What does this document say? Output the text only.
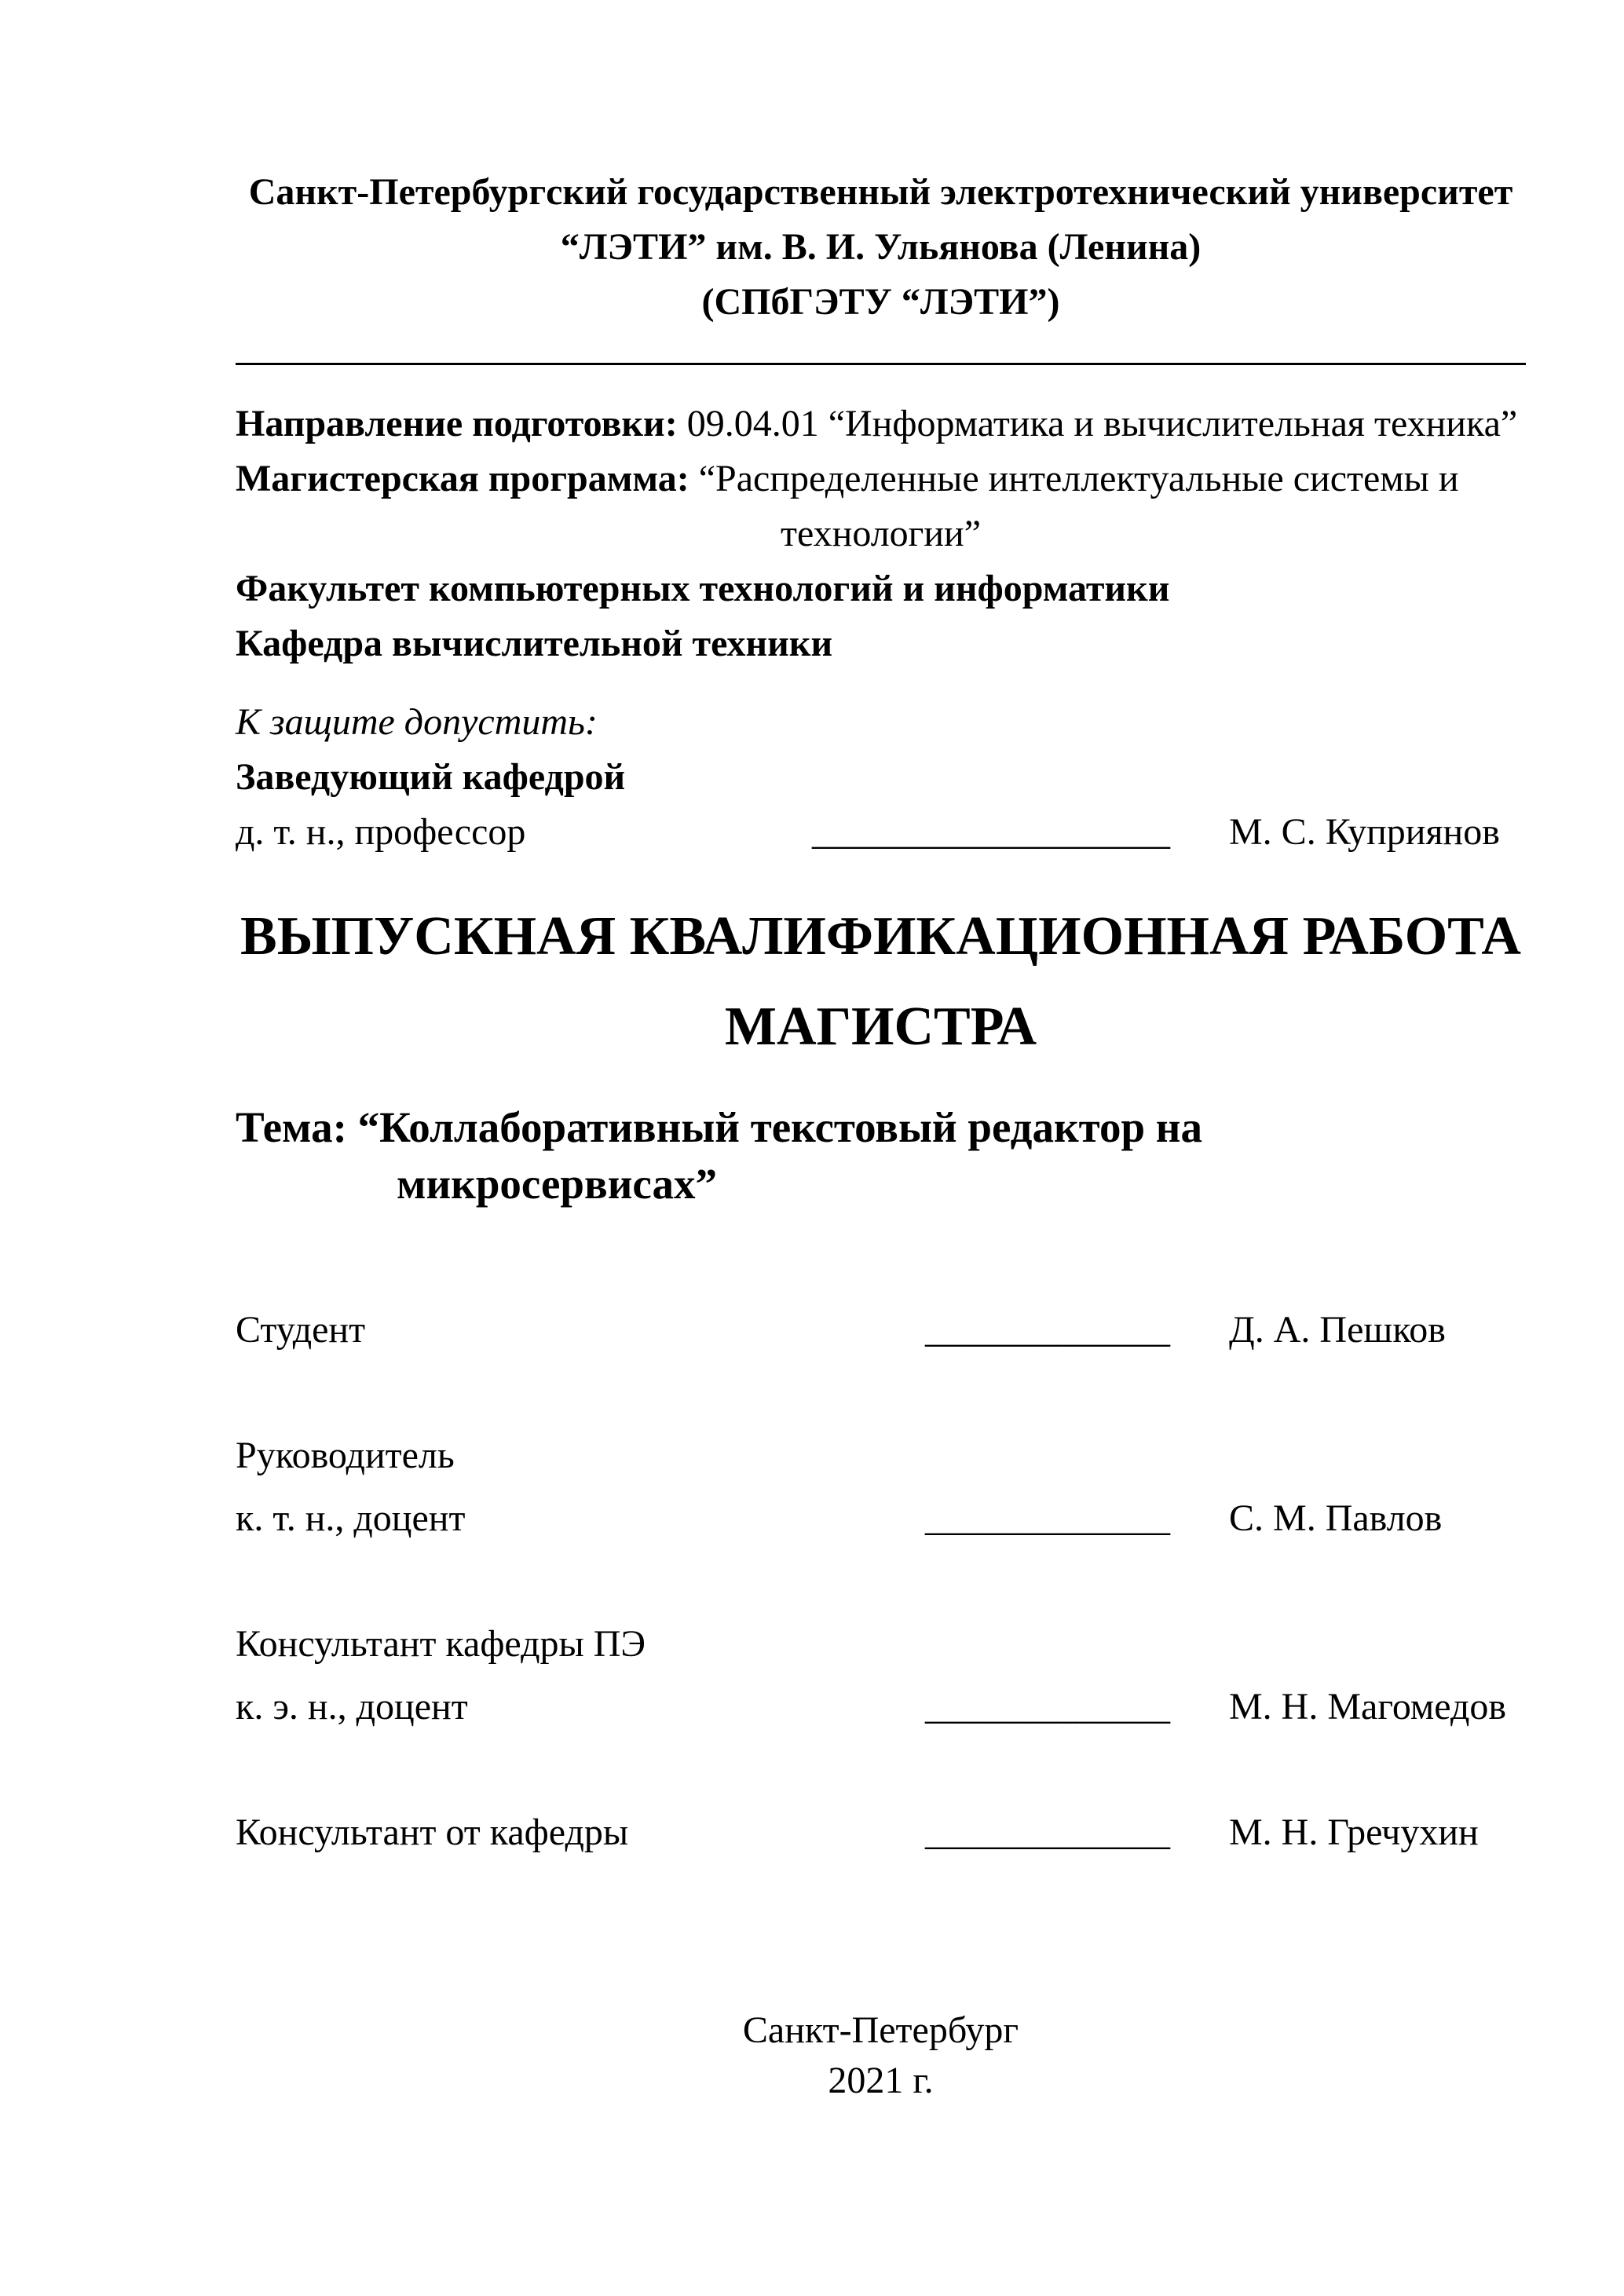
Санкт-Петербургский государственный электротехнический университет
“ЛЭТИ” им. В. И. Ульянова (Ленина)
(СПбГЭТУ “ЛЭТИ”)
Направление подготовки: 09.04.01 “Информатика и вычислительная техника”
Магистерская программа: “Распределенные интеллектуальные системы и
технологии”
Факультет компьютерных технологий и информатики
Кафедра вычислительной техники
К защите допустить:
Заведующий кафедрой
д. т. н., профессор	___________________ М. С. Куприянов
ВЫПУСКНАЯ КВАЛИФИКАЦИОННАЯ РАБОТА
МАГИСТРА
Тема: “Коллаборативный текстовый редактор на
микросервисах”
Студент	_____________ Д. А. Пешков
Руководитель
к. т. н., доцент	_____________ С. М. Павлов
Консультант кафедры ПЭ
к. э. н., доцент	_____________ М. Н. Магомедов
Консультант от кафедры	_____________ М. Н. Гречухин
Санкт-Петербург
2021 г.
